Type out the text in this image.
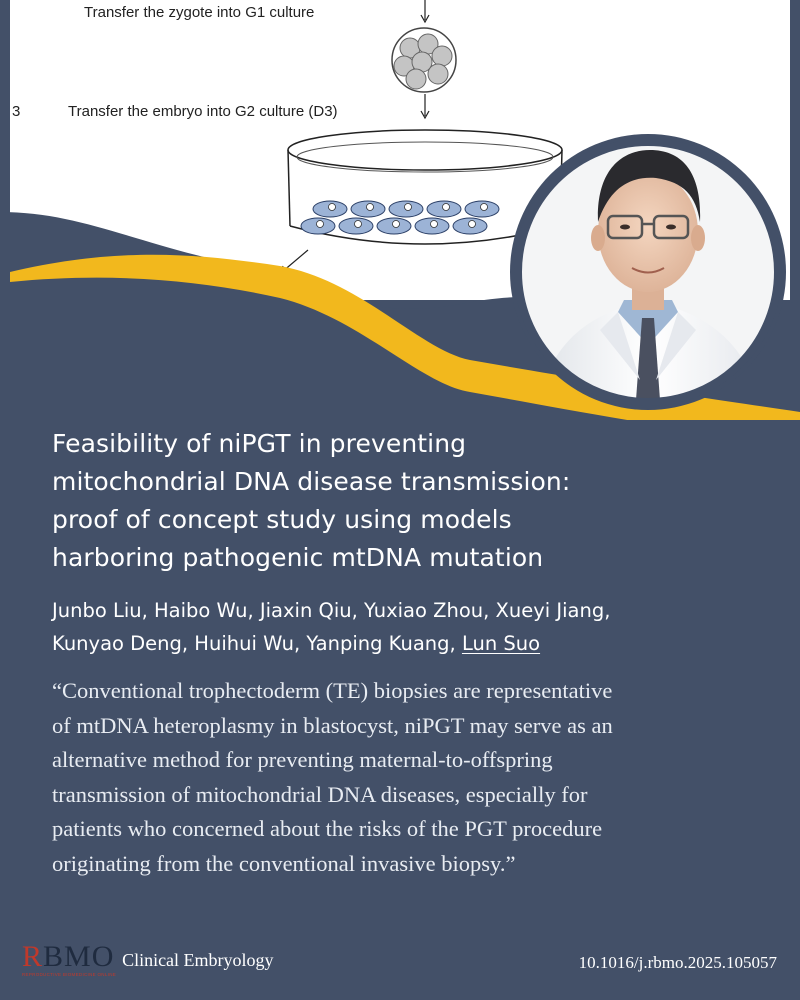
Transfer the zygote into G1 culture
3	Transfer the embryo into G2 culture (D3)
Feasibility of niPGT in preventing
mitochondrial DNA disease transmission:
proof of concept study using models
harboring pathogenic mtDNA mutation

Junbo Liu, Haibo Wu, Jiaxin Qiu, Yuxiao Zhou, Xueyi Jiang,
Kunyao Deng, Huihui Wu, Yanping Kuang, Lun Suo

“Conventional trophectoderm (TE) biopsies are representative
of mtDNA heteroplasmy in blastocyst, niPGT may serve as an
alternative method for preventing maternal-to-offspring
transmission of mitochondrial DNA diseases, especially for
patients who concerned about the risks of the PGT procedure
originating from the conventional invasive biopsy.”
RBMO
REPRODUCTIVE BIOMEDICINE ONLINE
Clinical Embryology	10.1016/j.rbmo.2025.105057
